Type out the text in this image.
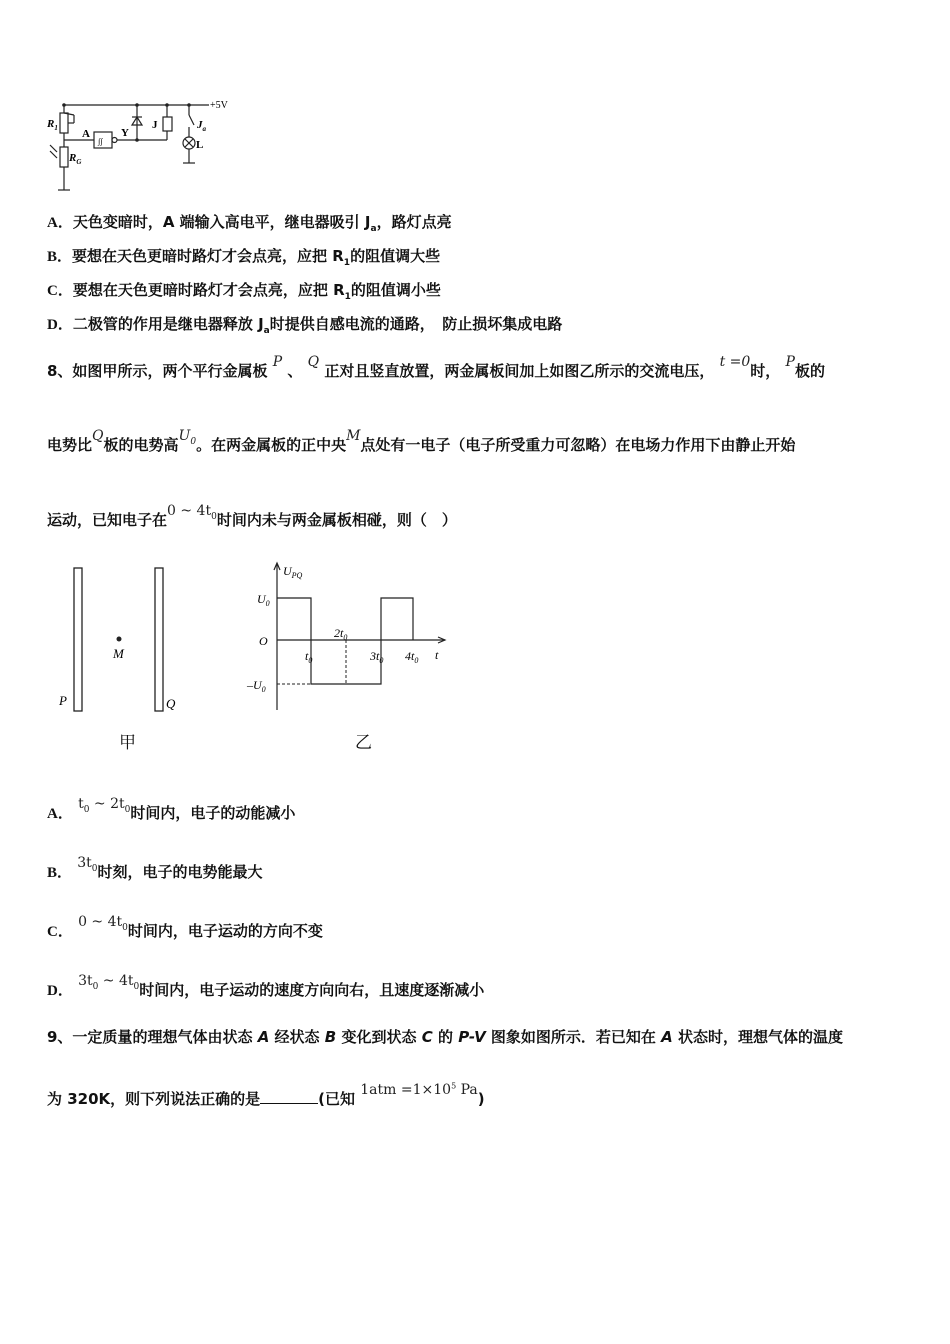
$R_1$
$R_G$
A
∫∫
Y
J	$J_a$
L
+5V
A．天色变暗时，A 端输入高电平，继电器吸引 $J_a$，路灯点亮
B．要想在天色更暗时路灯才会点亮，应把 $R_1$的阻值调大些
C．要想在天色更暗时路灯才会点亮，应把 $R_1$的阻值调小些
D．二极管的作用是继电器释放 $J_a$时提供自感电流的通路，　防止损坏集成电路
8、如图甲所示，两个平行金属板 P 、 Q 正对且竖直放置，两金属板间加上如图乙所示的交流电压， t =0时， P板的
电势比Q板的电势高$U_0$。在两金属板的正中央M点处有一电子（电子所受重力可忽略）在电场力作用下由静止开始
运动，已知电子在0 ~ $4t_0$时间内未与两金属板相碰，则（　）
M
P	Q
甲
$U_{PQ}$
$U_0$
O
$-U_0$
$t_0$
$2t_0$
$3t_0$ $4t_0$ t
乙
A． $t_0$ ~ $2t_0$时间内，电子的动能减小
B． $3t_0$时刻，电子的电势能最大
C． 0 ~ $4t_0$时间内，电子运动的方向不变
D． $3t_0$ ~ $4t_0$时间内，电子运动的速度方向向右，且速度逐渐减小
9、一定质量的理想气体由状态 A 经状态 B 变化到状态 C 的 P-V 图象如图所示．若已知在 A 状态时，理想气体的温度
为 320K，则下列说法正确的是	(已知 $1atm =1\times 10^5$ Pa)
